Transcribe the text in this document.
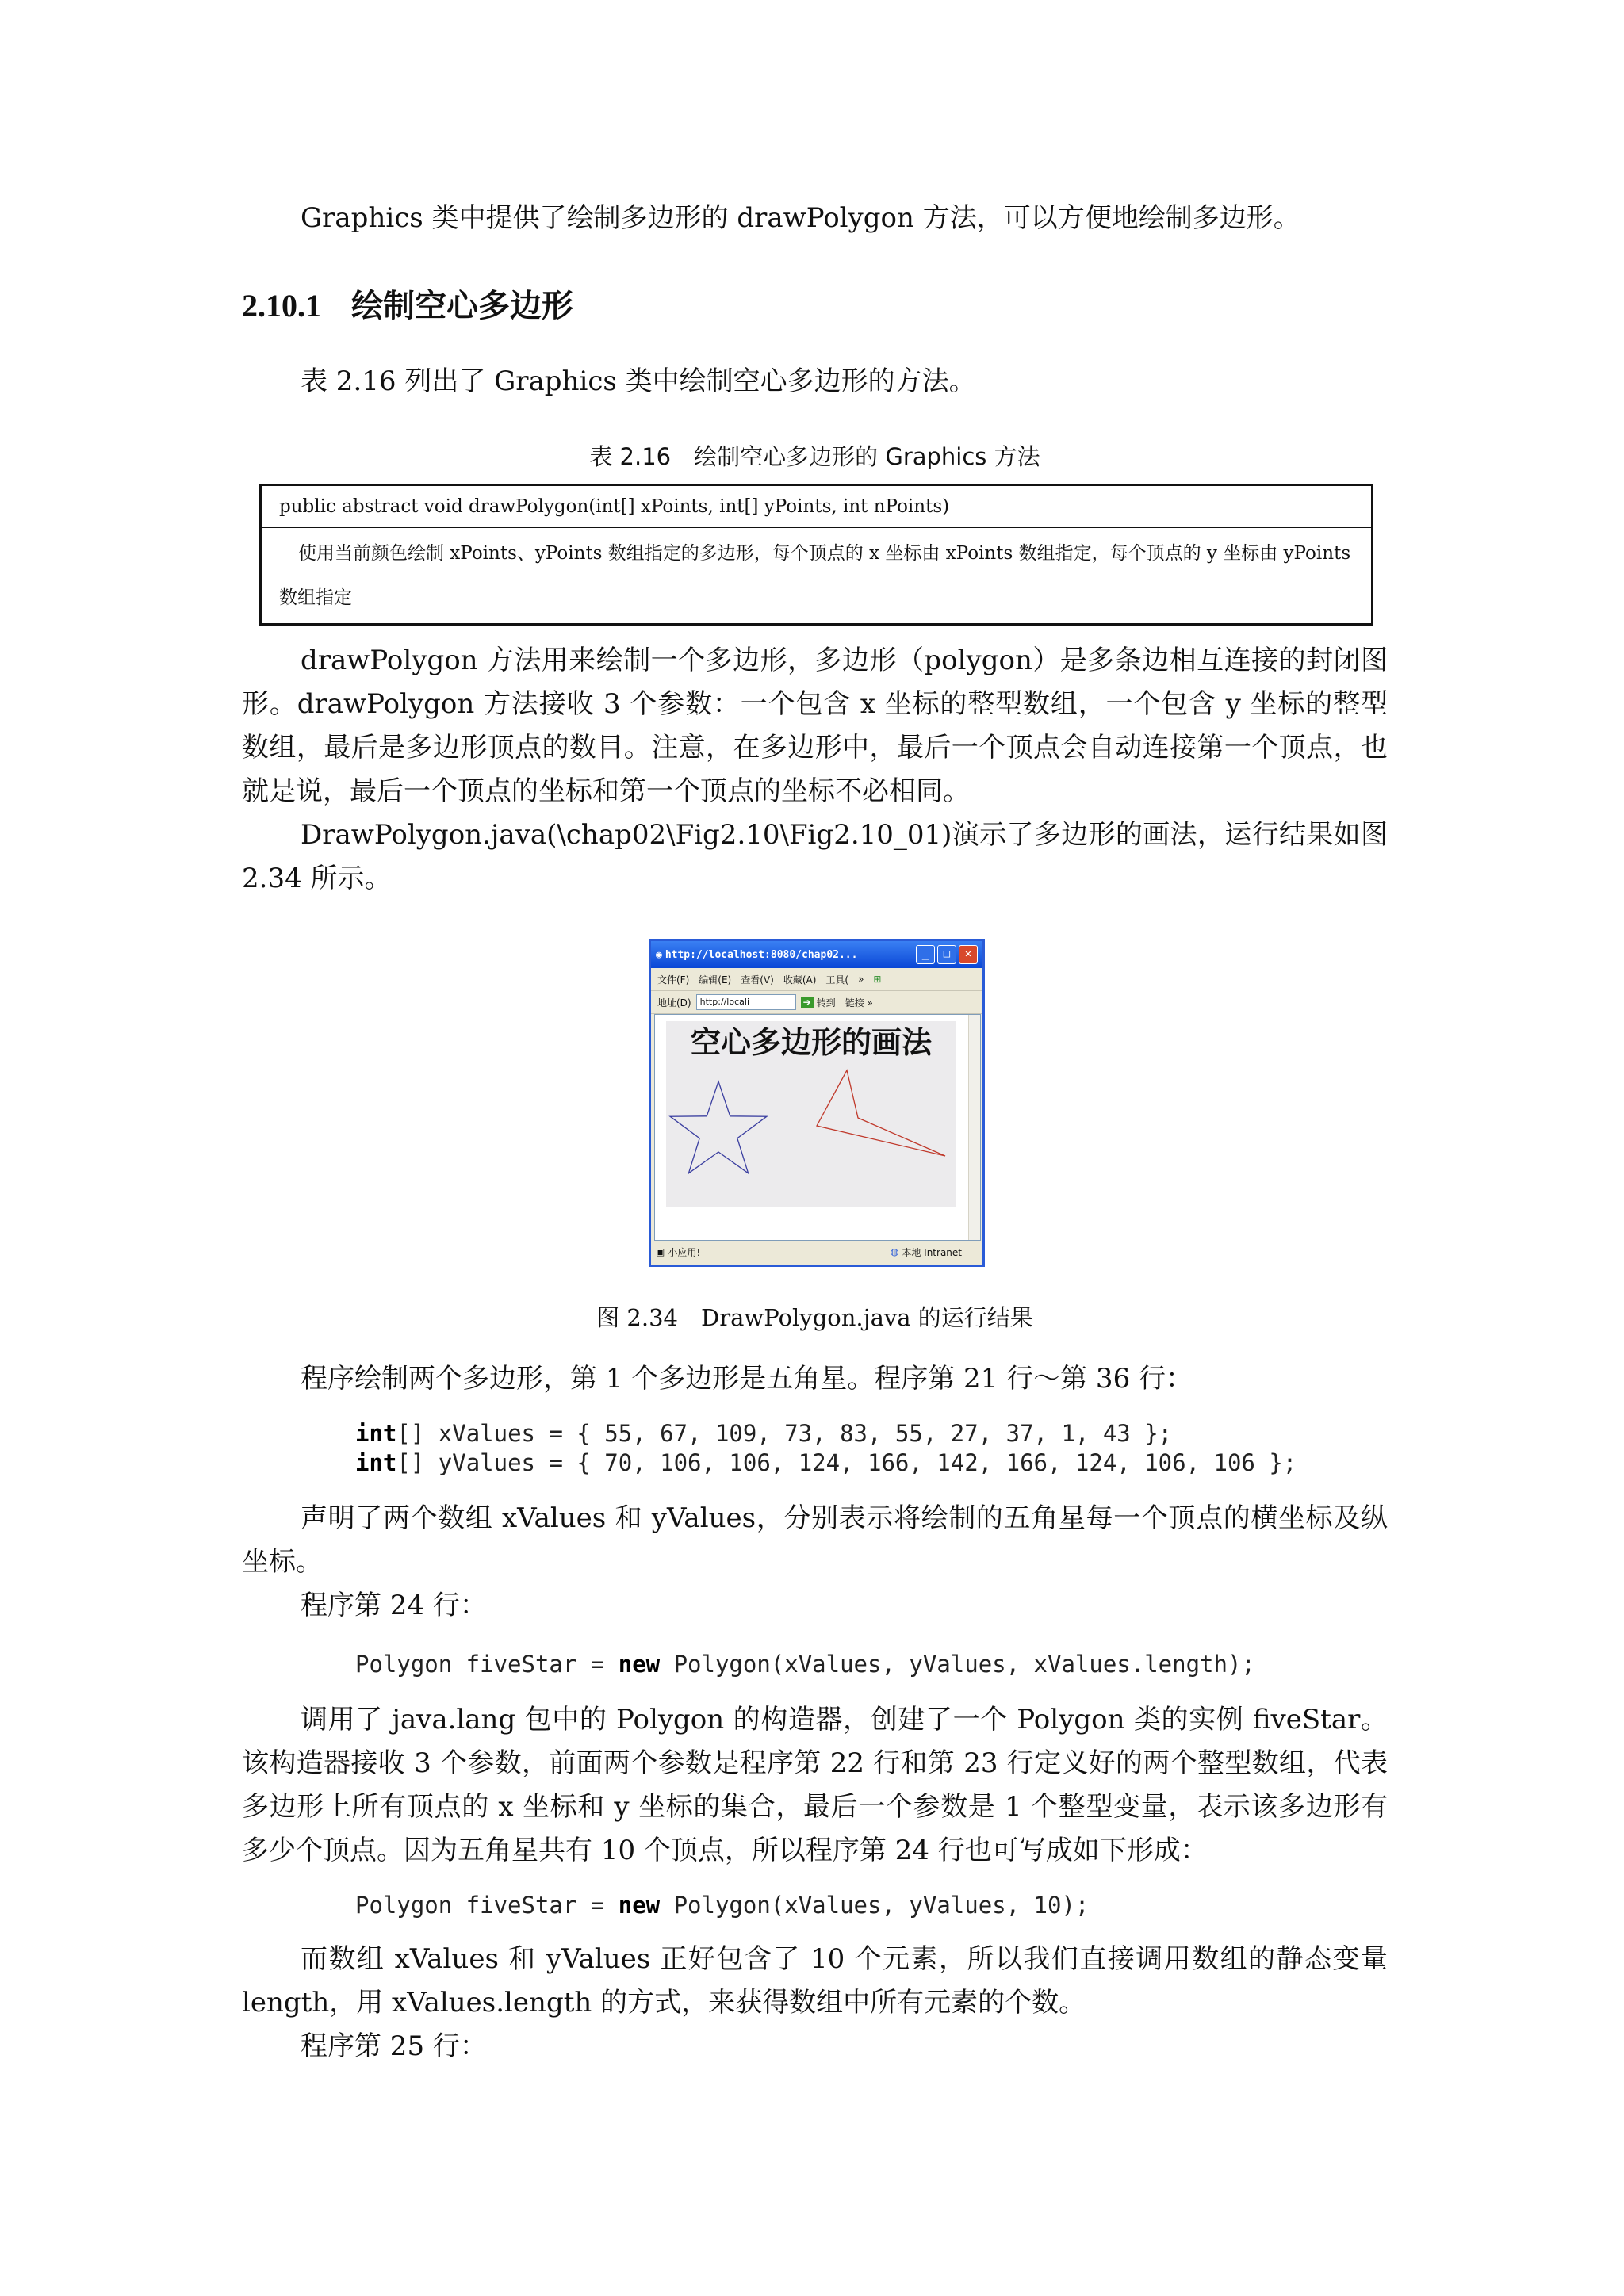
Graphics 类中提供了绘制多边形的 drawPolygon 方法，可以方便地绘制多边形。

2.10.1 绘制空心多边形

表 2.16 列出了 Graphics 类中绘制空心多边形的方法。

表 2.16　绘制空心多边形的 Graphics 方法

public abstract void drawPolygon(int[] xPoints, int[] yPoints, int nPoints)
使用当前颜色绘制 xPoints、yPoints 数组指定的多边形，每个顶点的 x 坐标由 xPoints 数组指定，每个顶点的 y 坐标由 yPoints 数组指定

drawPolygon 方法用来绘制一个多边形，多边形（polygon）是多条边相互连接的封闭图形。drawPolygon 方法接收 3 个参数：一个包含 x 坐标的整型数组，一个包含 y 坐标的整型数组，最后是多边形顶点的数目。注意，在多边形中，最后一个顶点会自动连接第一个顶点，也就是说，最后一个顶点的坐标和第一个顶点的坐标不必相同。

DrawPolygon.java(\chap02\Fig2.10\Fig2.10_01)演示了多边形的画法，运行结果如图 2.34 所示。

◉ http://localhost:8080/chap02...	_	□	✕
文件(F) 编辑(E) 查看(V) 收藏(A) 工具( » ⊞
地址(D)	http://locali	➔ 转到 链接 »
空心多边形的画法
▣ 小应用!	◍ 本地 Intranet

图 2.34　DrawPolygon.java 的运行结果

程序绘制两个多边形，第 1 个多边形是五角星。程序第 21 行～第 36 行：

int[] xValues = { 55, 67, 109, 73, 83, 55, 27, 37, 1, 43 };
int[] yValues = { 70, 106, 106, 124, 166, 142, 166, 124, 106, 106 };

声明了两个数组 xValues 和 yValues，分别表示将绘制的五角星每一个顶点的横坐标及纵坐标。

程序第 24 行：

Polygon fiveStar = new Polygon(xValues, yValues, xValues.length);

调用了 java.lang 包中的 Polygon 的构造器，创建了一个 Polygon 类的实例 fiveStar。该构造器接收 3 个参数，前面两个参数是程序第 22 行和第 23 行定义好的两个整型数组，代表多边形上所有顶点的 x 坐标和 y 坐标的集合，最后一个参数是 1 个整型变量，表示该多边形有多少个顶点。因为五角星共有 10 个顶点，所以程序第 24 行也可写成如下形成：

Polygon fiveStar = new Polygon(xValues, yValues, 10);

而数组 xValues 和 yValues 正好包含了 10 个元素，所以我们直接调用数组的静态变量 length，用 xValues.length 的方式，来获得数组中所有元素的个数。

程序第 25 行：
